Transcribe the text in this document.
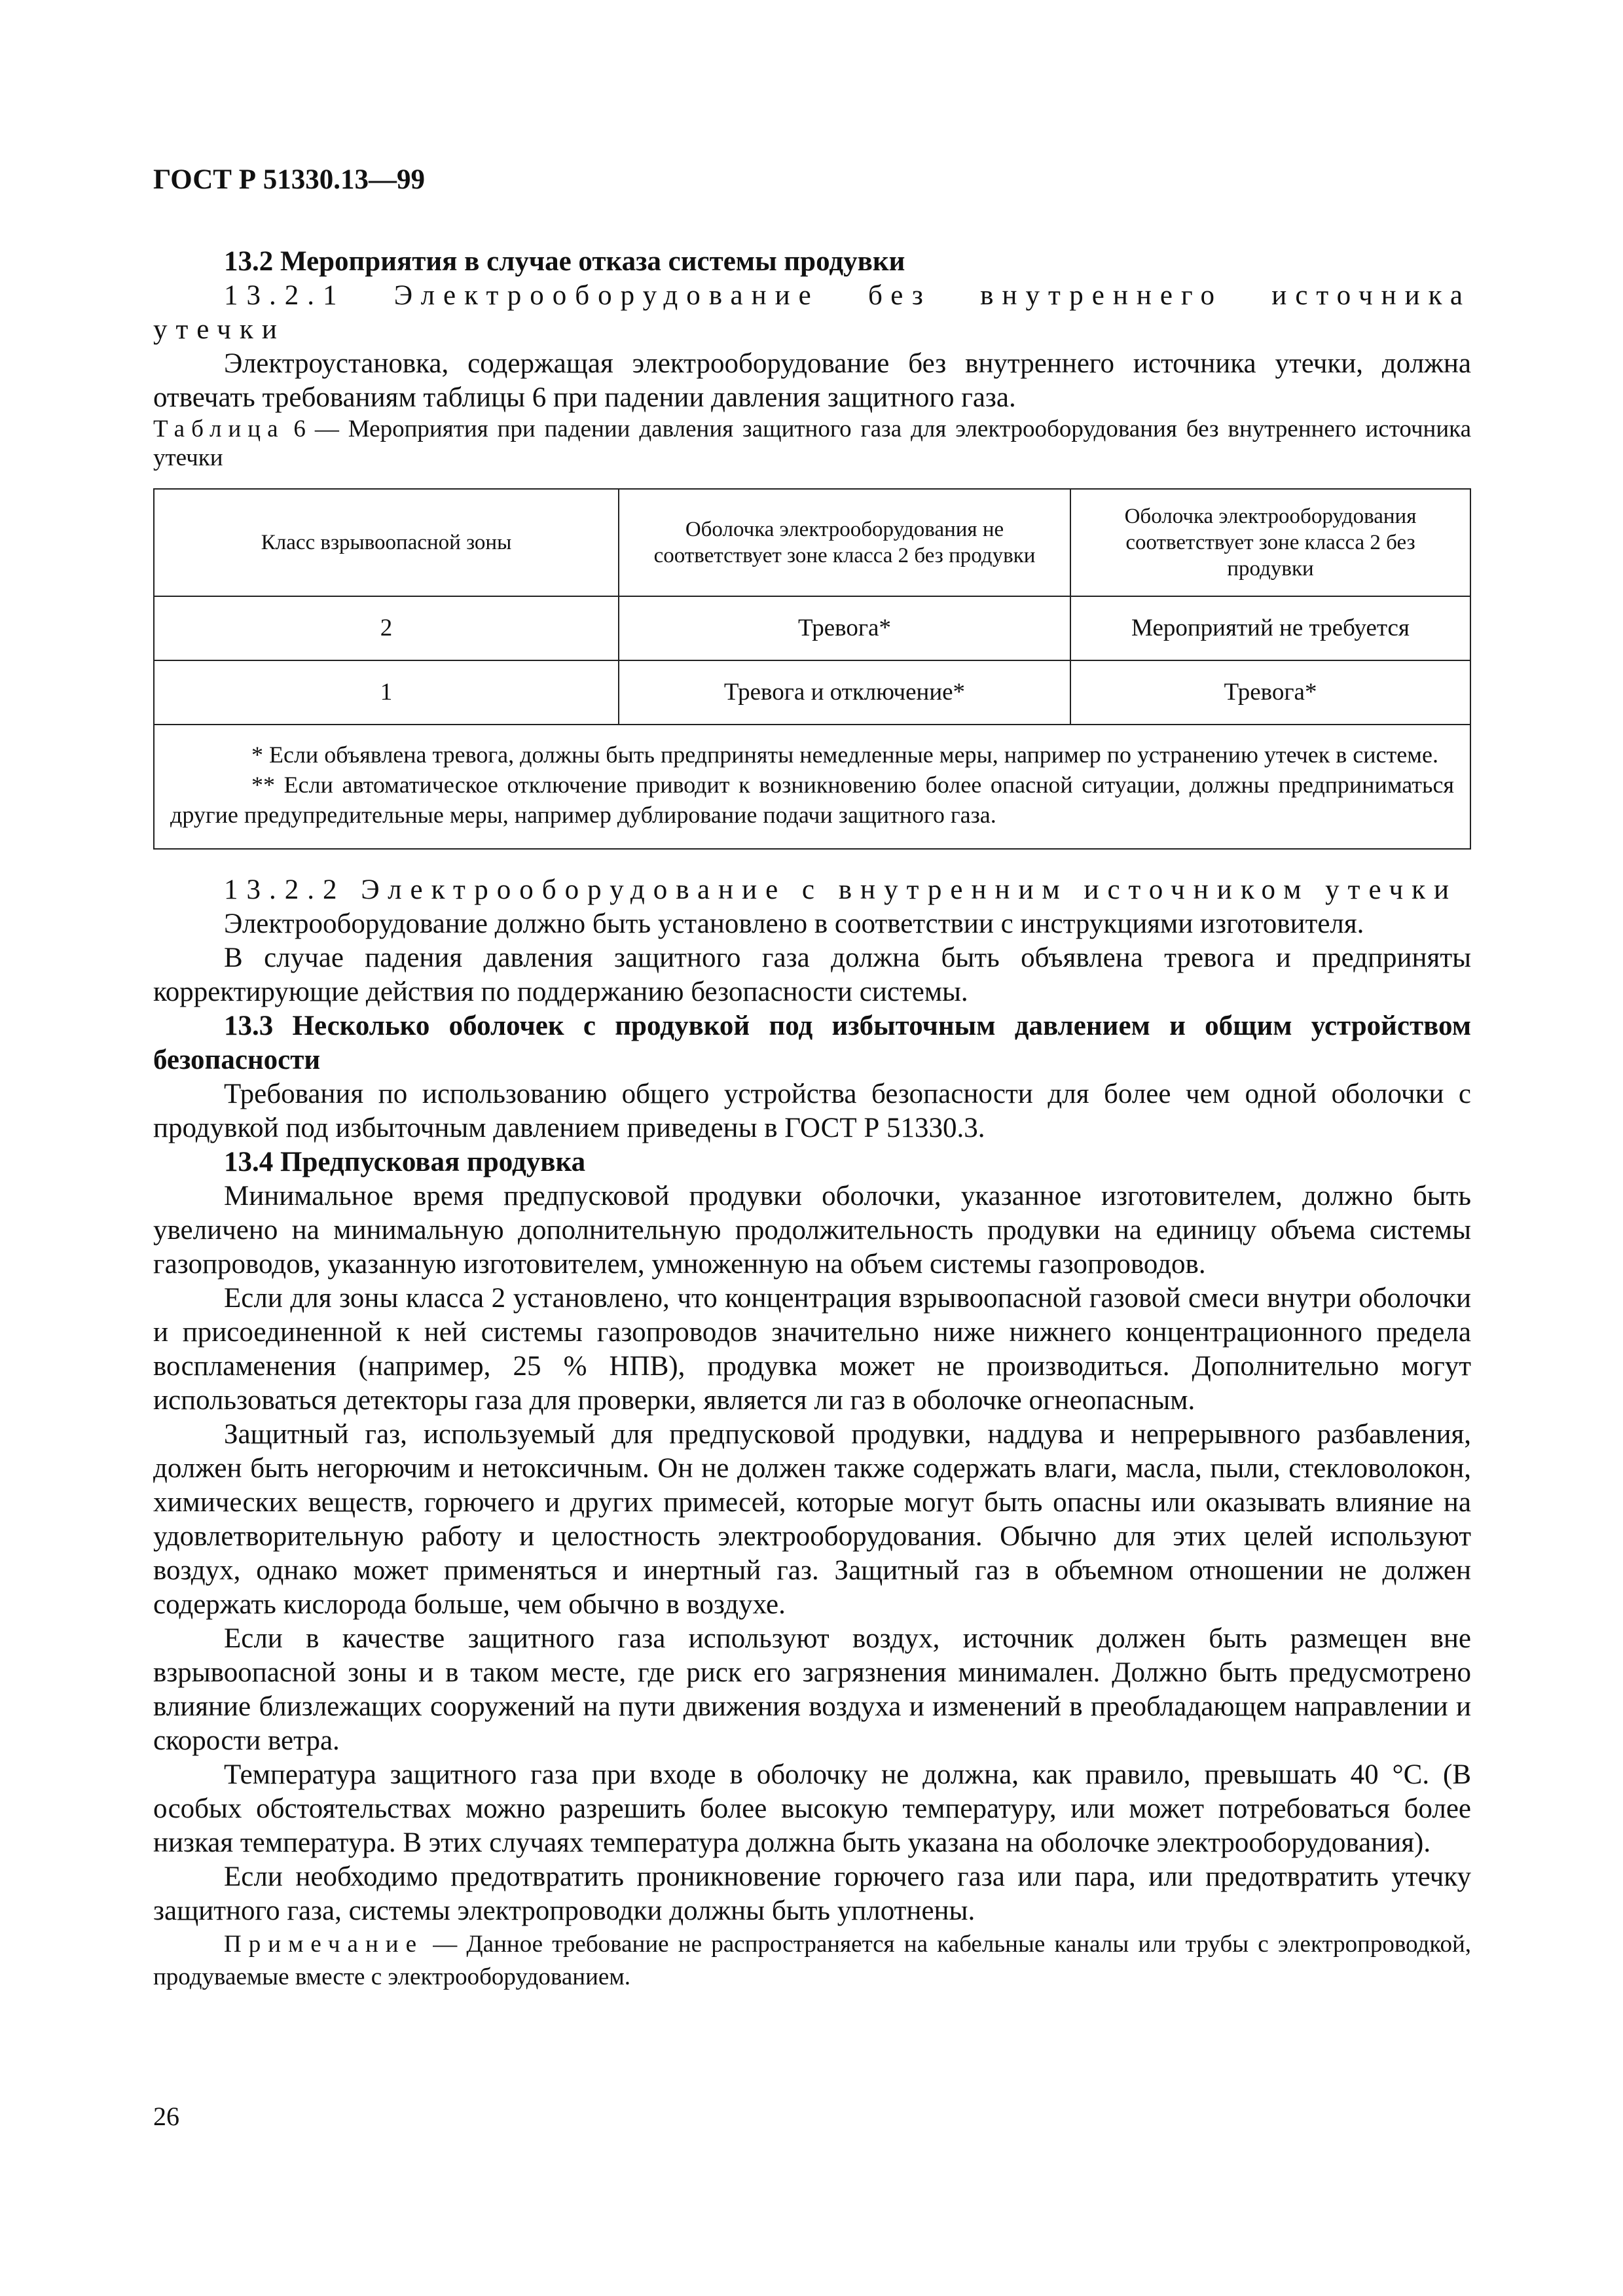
ГОСТ Р 51330.13—99

13.2 Мероприятия в случае отказа системы продувки

13.2.1 Электрооборудование без внутреннего источника утечки

Электроустановка, содержащая электрооборудование без внутреннего источника утечки, должна отвечать требованиям таблицы 6 при падении давления защитного газа.

Таблица 6 — Мероприятия при падении давления защитного газа для электрооборудования без внутреннего источника утечки

Класс взрывоопасной зоны	Оболочка электрооборудования не соответствует зоне класса 2 без продувки	Оболочка электрооборудования соответствует зоне класса 2 без продувки
2	Тревога*	Мероприятий не требуется
1	Тревога и отключение*	Тревога*

* Если объявлена тревога, должны быть предприняты немедленные меры, например по устранению утечек в системе.

** Если автоматическое отключение приводит к возникновению более опасной ситуации, должны предприниматься другие предупредительные меры, например дублирование подачи защитного газа.		

13.2.2 Электрооборудование с внутренним источником утечки

Электрооборудование должно быть установлено в соответствии с инструкциями изготовителя.

В случае падения давления защитного газа должна быть объявлена тревога и предприняты корректирующие действия по поддержанию безопасности системы.

13.3 Несколько оболочек с продувкой под избыточным давлением и общим устройством безопасности

Требования по использованию общего устройства безопасности для более чем одной оболочки с продувкой под избыточным давлением приведены в ГОСТ Р 51330.3.

13.4 Предпусковая продувка

Минимальное время предпусковой продувки оболочки, указанное изготовителем, должно быть увеличено на минимальную дополнительную продолжительность продувки на единицу объема системы газопроводов, указанную изготовителем, умноженную на объем системы газопроводов.

Если для зоны класса 2 установлено, что концентрация взрывоопасной газовой смеси внутри оболочки и присоединенной к ней системы газопроводов значительно ниже нижнего концентрационного предела воспламенения (например, 25 % НПВ), продувка может не производиться. Дополнительно могут использоваться детекторы газа для проверки, является ли газ в оболочке огнеопасным.

Защитный газ, используемый для предпусковой продувки, наддува и непрерывного разбавления, должен быть негорючим и нетоксичным. Он не должен также содержать влаги, масла, пыли, стекловолокон, химических веществ, горючего и других примесей, которые могут быть опасны или оказывать влияние на удовлетворительную работу и целостность электрооборудования. Обычно для этих целей используют воздух, однако может применяться и инертный газ. Защитный газ в объемном отношении не должен содержать кислорода больше, чем обычно в воздухе.

Если в качестве защитного газа используют воздух, источник должен быть размещен вне взрывоопасной зоны и в таком месте, где риск его загрязнения минимален. Должно быть предусмотрено влияние близлежащих сооружений на пути движения воздуха и изменений в преобладающем направлении и скорости ветра.

Температура защитного газа при входе в оболочку не должна, как правило, превышать 40 °С. (В особых обстоятельствах можно разрешить более высокую температуру, или может потребоваться более низкая температура. В этих случаях температура должна быть указана на оболочке электрооборудования).

Если необходимо предотвратить проникновение горючего газа или пара, или предотвратить утечку защитного газа, системы электропроводки должны быть уплотнены.

Примечание — Данное требование не распространяется на кабельные каналы или трубы с электропроводкой, продуваемые вместе с электрооборудованием.

26
